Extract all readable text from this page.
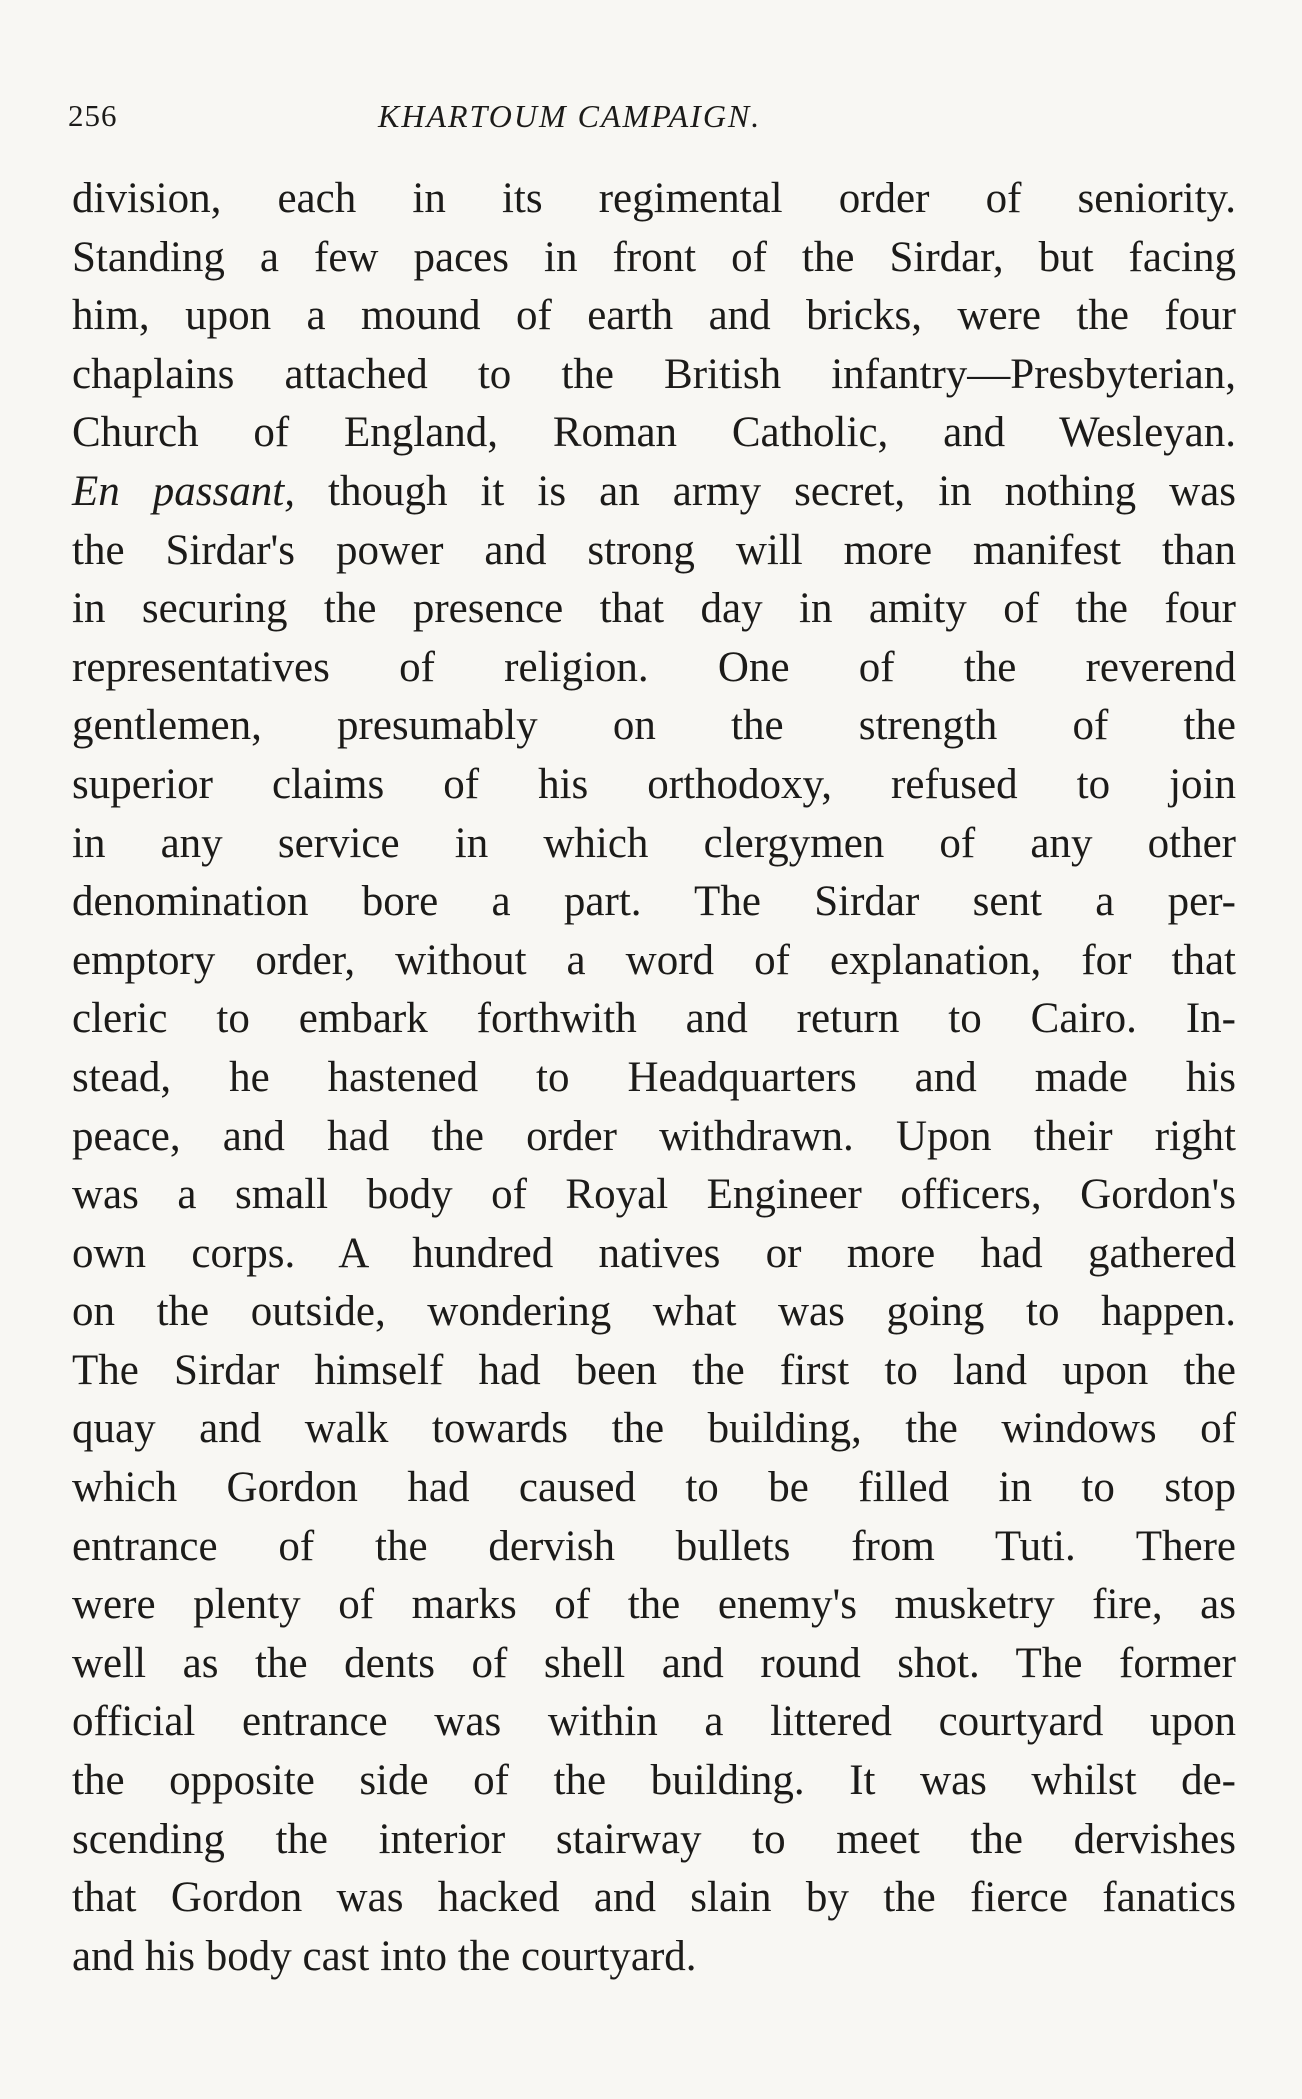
256	KHARTOUM CAMPAIGN.
division, each in its regimental order of seniority.
Standing a few paces in front of the Sirdar, but facing
him, upon a mound of earth and bricks, were the four
chaplains attached to the British infantry—Presbyterian,
Church of England, Roman Catholic, and Wesleyan.
En passant, though it is an army secret, in nothing was
the Sirdar's power and strong will more manifest than
in securing the presence that day in amity of the four
representatives of religion. One of the reverend
gentlemen, presumably on the strength of the
superior claims of his orthodoxy, refused to join
in any service in which clergymen of any other
denomination bore a part. The Sirdar sent a per-
emptory order, without a word of explanation, for that
cleric to embark forthwith and return to Cairo. In-
stead, he hastened to Headquarters and made his
peace, and had the order withdrawn. Upon their right
was a small body of Royal Engineer officers, Gordon's
own corps. A hundred natives or more had gathered
on the outside, wondering what was going to happen.
The Sirdar himself had been the first to land upon the
quay and walk towards the building, the windows of
which Gordon had caused to be filled in to stop
entrance of the dervish bullets from Tuti. There
were plenty of marks of the enemy's musketry fire, as
well as the dents of shell and round shot. The former
official entrance was within a littered courtyard upon
the opposite side of the building. It was whilst de-
scending the interior stairway to meet the dervishes
that Gordon was hacked and slain by the fierce fanatics
and his body cast into the courtyard.
